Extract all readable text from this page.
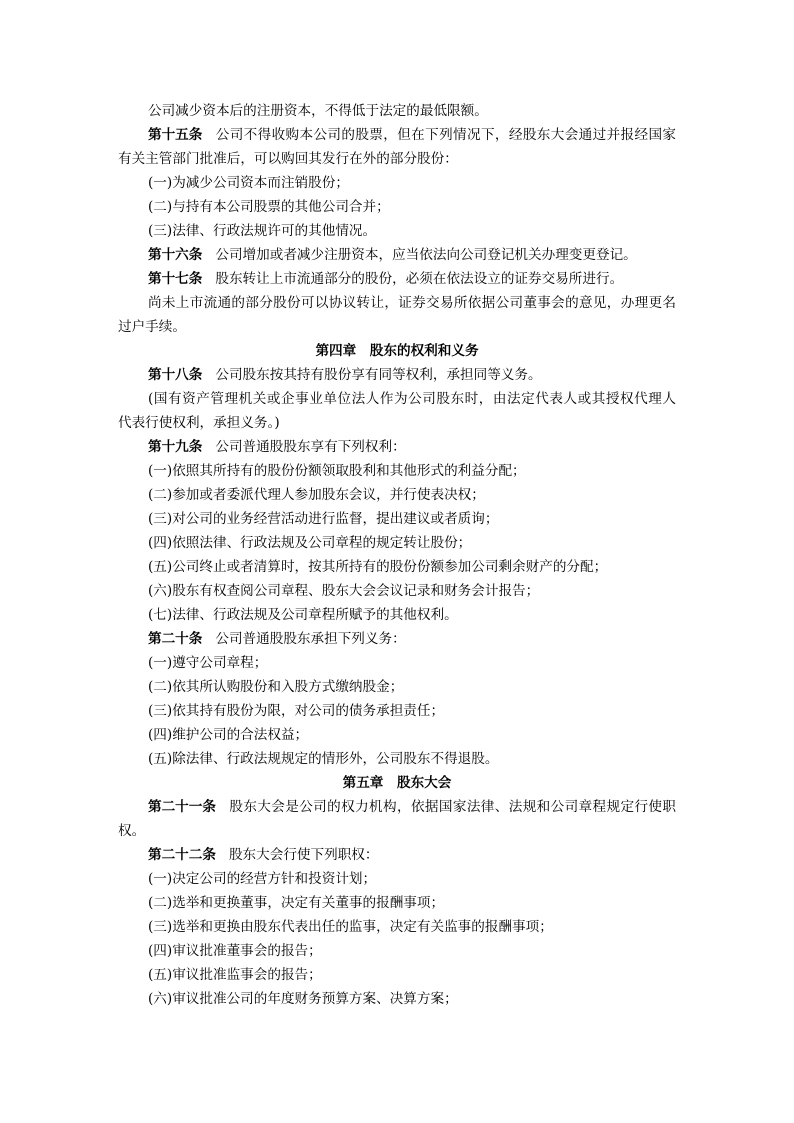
公司减少资本后的注册资本，不得低于法定的最低限额。
第十五条 公司不得收购本公司的股票，但在下列情况下，经股东大会通过并报经国家
有关主管部门批准后，可以购回其发行在外的部分股份：
(一)为减少公司资本而注销股份；
(二)与持有本公司股票的其他公司合并；
(三)法律、行政法规许可的其他情况。
第十六条 公司增加或者减少注册资本，应当依法向公司登记机关办理变更登记。
第十七条 股东转让上市流通部分的股份，必须在依法设立的证券交易所进行。
尚未上市流通的部分股份可以协议转让，证券交易所依据公司董事会的意见，办理更名
过户手续。
第四章　股东的权利和义务
第十八条 公司股东按其持有股份享有同等权利，承担同等义务。
(国有资产管理机关或企事业单位法人作为公司股东时，由法定代表人或其授权代理人
代表行使权利，承担义务。)
第十九条 公司普通股股东享有下列权利：
(一)依照其所持有的股份份额领取股利和其他形式的利益分配；
(二)参加或者委派代理人参加股东会议，并行使表决权；
(三)对公司的业务经营活动进行监督，提出建议或者质询；
(四)依照法律、行政法规及公司章程的规定转让股份；
(五)公司终止或者清算时，按其所持有的股份份额参加公司剩余财产的分配；
(六)股东有权查阅公司章程、股东大会会议记录和财务会计报告；
(七)法律、行政法规及公司章程所赋予的其他权利。
第二十条 公司普通股股东承担下列义务：
(一)遵守公司章程；
(二)依其所认购股份和入股方式缴纳股金；
(三)依其持有股份为限，对公司的债务承担责任；
(四)维护公司的合法权益；
(五)除法律、行政法规规定的情形外，公司股东不得退股。
第五章　股东大会
第二十一条 股东大会是公司的权力机构，依据国家法律、法规和公司章程规定行使职
权。
第二十二条 股东大会行使下列职权：
(一)决定公司的经营方针和投资计划；
(二)选举和更换董事，决定有关董事的报酬事项；
(三)选举和更换由股东代表出任的监事，决定有关监事的报酬事项；
(四)审议批准董事会的报告；
(五)审议批准监事会的报告；
(六)审议批准公司的年度财务预算方案、决算方案；
